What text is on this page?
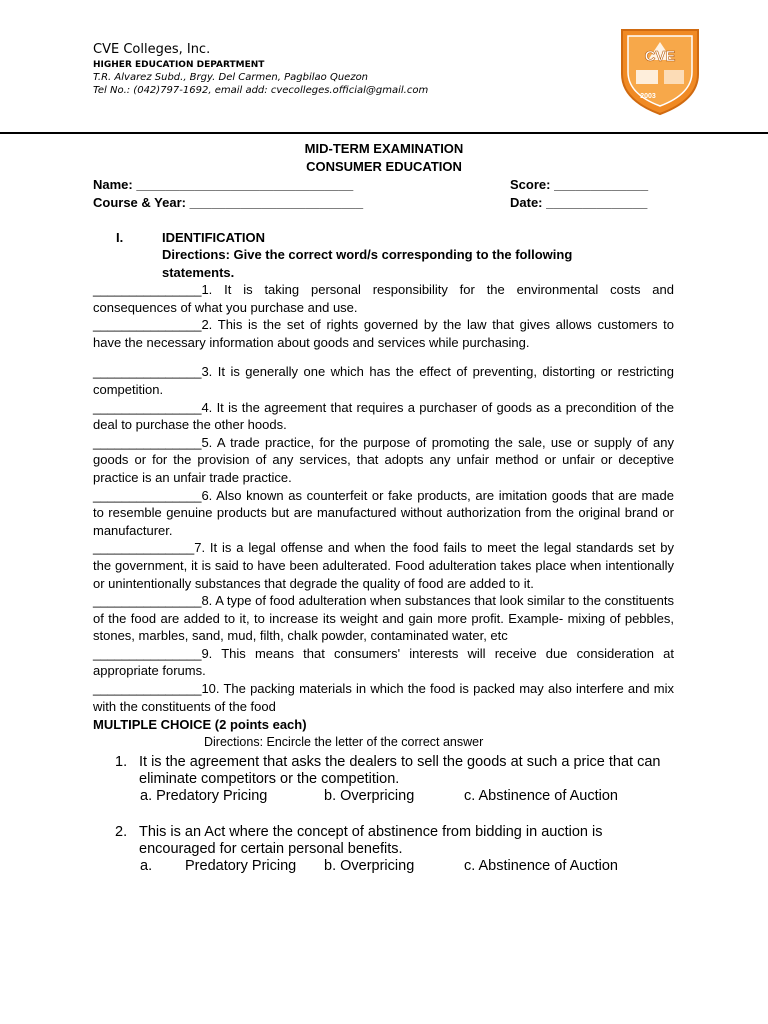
CVE Colleges, Inc.
HIGHER EDUCATION DEPARTMENT
T.R. Alvarez Subd., Brgy. Del Carmen, Pagbilao Quezon
Tel No.: (042)797-1692, email add: cvecolleges.official@gmail.com
CVE
2003
MID-TERM EXAMINATION
CONSUMER EDUCATION
Name: ______________________________	Score: _____________
Course & Year: ________________________	Date: ______________
I.	IDENTIFICATION
Directions: Give the correct word/s corresponding to the following
statements.
_______________1. It is taking personal responsibility for the environmental costs and consequences of what you purchase and use.
_______________2. This is the set of rights governed by the law that gives allows customers to have the necessary information about goods and services while purchasing.
_______________3. It is generally one which has the effect of preventing, distorting or restricting competition.
_______________4. It is the agreement that requires a purchaser of goods as a precondition of the deal to purchase the other hoods.
_______________5. A trade practice, for the purpose of promoting the sale, use or supply of any goods or for the provision of any services, that adopts any unfair method or unfair or deceptive practice is an unfair trade practice.
_______________6. Also known as counterfeit or fake products, are imitation goods that are made to resemble genuine products but are manufactured without authorization from the original brand or manufacturer.
______________7. It is a legal offense and when the food fails to meet the legal standards set by the government, it is said to have been adulterated. Food adulteration takes place when intentionally or unintentionally substances that degrade the quality of food are added to it.
_______________8. A type of food adulteration when substances that look similar to the constituents of the food are added to it, to increase its weight and gain more profit. Example- mixing of pebbles, stones, marbles, sand, mud, filth, chalk powder, contaminated water, etc
_______________9. This means that consumers' interests will receive due consideration at appropriate forums.
_______________10. The packing materials in which the food is packed may also interfere and mix with the constituents of the food
MULTIPLE CHOICE (2 points each)
Directions: Encircle the letter of the correct answer
1. It is the agreement that asks the dealers to sell the goods at such a price that can eliminate competitors or the competition.
a. Predatory Pricing	b. Overpricing	c. Abstinence of Auction
2. This is an Act where the concept of abstinence from bidding in auction is encouraged for certain personal benefits.
a. Predatory Pricing b. Overpricing	c. Abstinence of Auction
